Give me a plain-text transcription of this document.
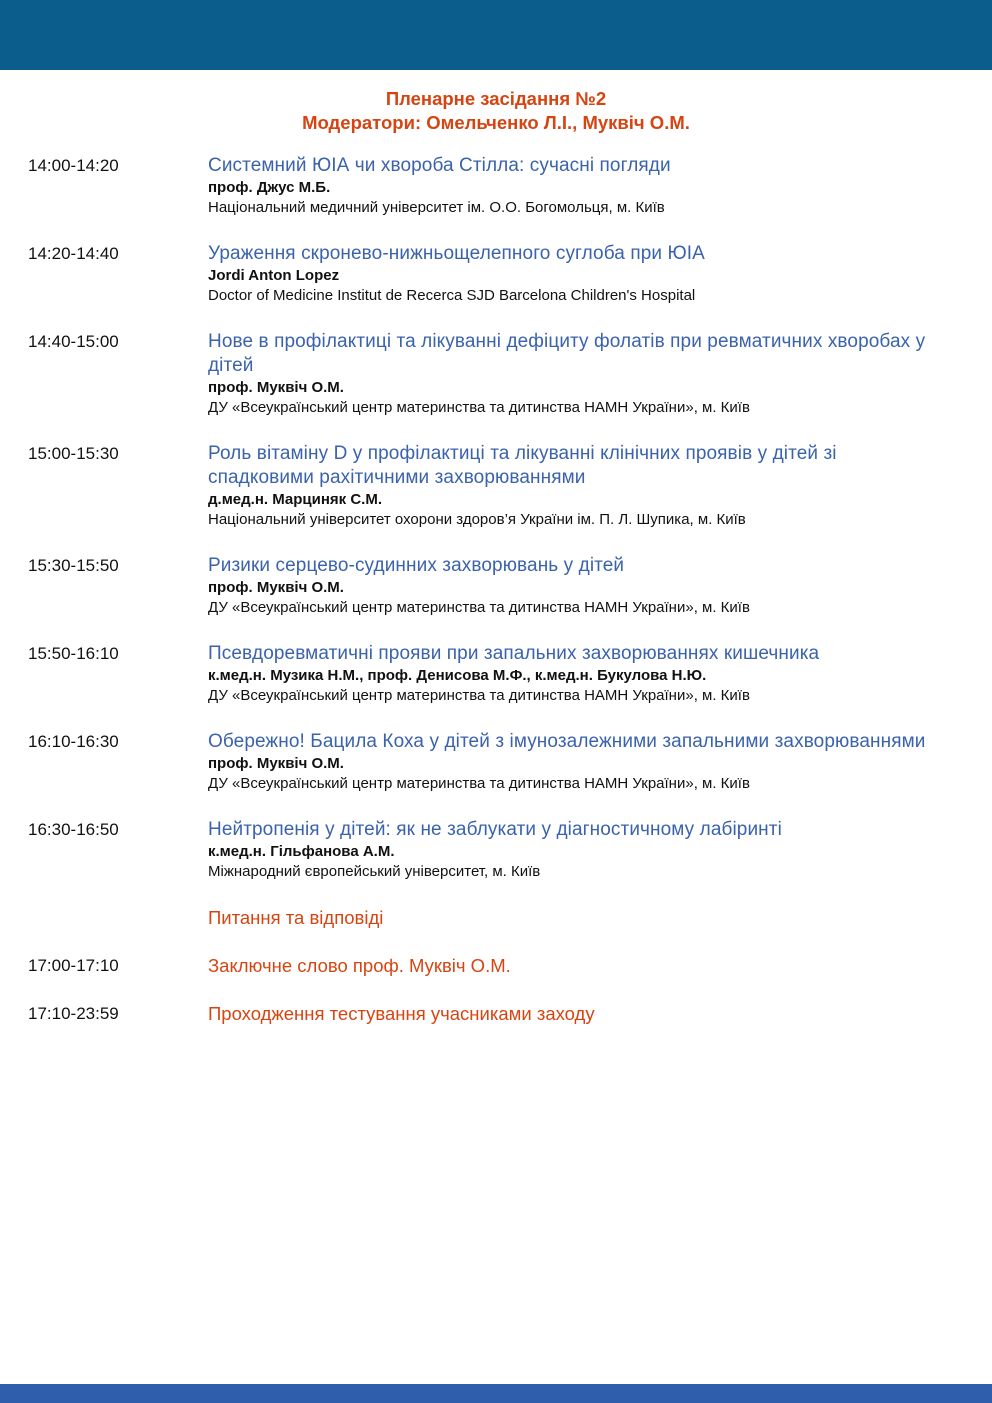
Пленарне засідання №2
Модератори: Омельченко Л.І., Муквіч О.М.
14:00-14:20	Системний ЮІА чи хвороба Стілла: сучасні погляди
проф. Джус М.Б.
Національний медичний університет ім. О.О. Богомольця, м. Київ
14:20-14:40	Ураження скронево-нижньощелепного суглоба при ЮІА
Jordi Anton Lopez
Doctor of Medicine Institut de Recerca SJD Barcelona Children's Hospital
14:40-15:00	Нове в профілактиці та лікуванні дефіциту фолатів при ревматичних хворобах у дітей
проф. Муквіч О.М.
ДУ «Всеукраїнський центр материнства та дитинства НАМН України», м. Київ
15:00-15:30	Роль вітаміну D у профілактиці та лікуванні клінічних проявів у дітей зі спадковими рахітичними захворюваннями
д.мед.н. Марциняк С.М.
Національний університет охорони здоров’я України ім. П. Л. Шупика, м. Київ
15:30-15:50	Ризики серцево-судинних захворювань у дітей
проф. Муквіч О.М.
ДУ «Всеукраїнський центр материнства та дитинства НАМН України», м. Київ
15:50-16:10	Псевдоревматичні прояви при запальних захворюваннях кишечника
к.мед.н. Музика Н.М., проф. Денисова М.Ф., к.мед.н. Букулова Н.Ю.
ДУ «Всеукраїнський центр материнства та дитинства НАМН України», м. Київ
16:10-16:30	Обережно! Бацила Коха у дітей з імунозалежними запальними захворюваннями
проф. Муквіч О.М.
ДУ «Всеукраїнський центр материнства та дитинства НАМН України», м. Київ
16:30-16:50	Нейтропенія у дітей: як не заблукати у діагностичному лабіринті
к.мед.н. Гільфанова А.М.
Міжнародний європейський університет, м. Київ
Питання та відповіді
17:00-17:10	Заключне слово проф. Муквіч О.М.
17:10-23:59	Проходження тестування учасниками заходу
